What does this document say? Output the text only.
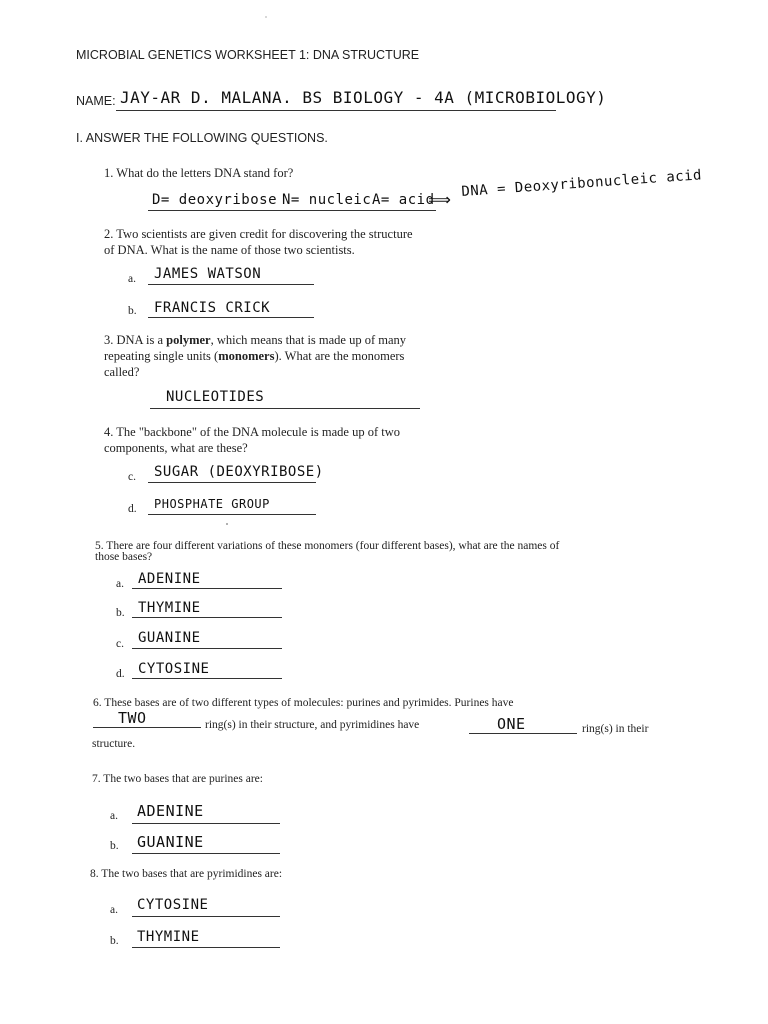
MICROBIAL GENETICS WORKSHEET 1: DNA STRUCTURE
NAME: JAY-AR D. MALANA. BS BIOLOGY - 4A (MICROBIOLOGY)
I. ANSWER THE FOLLOWING QUESTIONS.
1. What do the letters DNA stand for?
D= deoxyribose N= nucleic A= acid
⟹ DNA = Deoxyribonucleic acid
2. Two scientists are given credit for discovering the structure
of DNA. What is the name of those two scientists.
a. JAMES WATSON
b. FRANCIS CRICK
3. DNA is a polymer, which means that is made up of many
repeating single units (monomers). What are the monomers
called?
NUCLEOTIDES
4. The "backbone" of the DNA molecule is made up of two
components, what are these?
c. SUGAR (DEOXYRIBOSE)
d. PHOSPHATE GROUP
5. There are four different variations of these monomers (four different bases), what are the names of
those bases?
a. ADENINE
b. THYMINE
c. GUANINE
d. CYTOSINE
6. These bases are of two different types of molecules: purines and pyrimides. Purines have
TWO	ring(s) in their structure, and pyrimidines have	ONE	ring(s) in their
structure.
7. The two bases that are purines are:
a. ADENINE
b. GUANINE
8. The two bases that are pyrimidines are:
a. CYTOSINE
b. THYMINE
